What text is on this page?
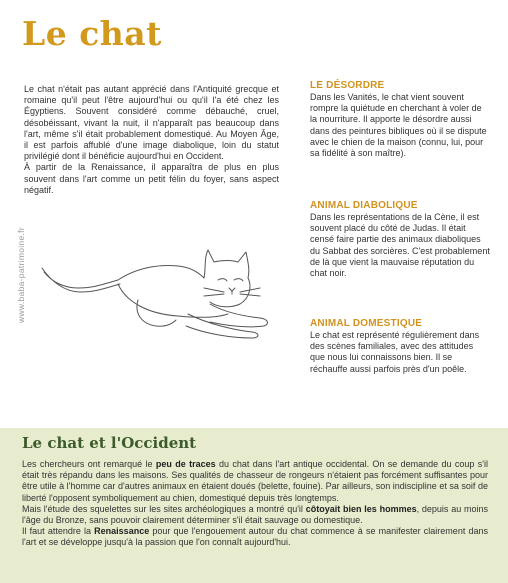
Le chat
www.baba-patrimoine.fr

Le chat n'était pas autant apprécié dans l'Antiquité grecque et romaine qu'il peut l'être aujourd'hui ou qu'il l'a été chez les Égyptiens. Souvent considéré comme débauché, cruel, désobéissant, vivant la nuit, il n'apparaît pas beaucoup dans l'art, même s'il était probablement domestiqué. Au Moyen Âge, il est parfois affublé d'une image diabolique, loin du statut privilégié dont il bénéficie aujourd'hui en Occident.

À partir de la Renaissance, il apparaîtra de plus en plus souvent dans l'art comme un petit félin du foyer, sans aspect négatif.

LE DÉSORDRE
Dans les Vanités, le chat vient souvent rompre la quiétude en cherchant à voler de la nourriture. Il apporte le désordre aussi dans des peintures bibliques où il se dispute avec le chien de la maison (connu, lui, pour sa fidélité à son maître).
ANIMAL DIABOLIQUE
Dans les représentations de la Cène, il est souvent placé du côté de Judas. Il était censé faire partie des animaux diaboliques du Sabbat des sorcières. C'est probablement de là que vient la mauvaise réputation du chat noir.
ANIMAL DOMESTIQUE
Le chat est représenté régulièrement dans des scènes familiales, avec des attitudes que nous lui connaissons bien. Il se réchauffe aussi parfois près d'un poêle.
Le chat et l'Occident

Les chercheurs ont remarqué le peu de traces du chat dans l'art antique occidental. On se demande du coup s'il était très répandu dans les maisons. Ses qualités de chasseur de rongeurs n'étaient pas forcément suffisantes pour être utile à l'homme car d'autres animaux en étaient doués (belette, fouine). Par ailleurs, son indiscipline et sa soif de liberté l'opposent symboliquement au chien, domestiqué depuis très longtemps.

Mais l'étude des squelettes sur les sites archéologiques a montré qu'il côtoyait bien les hommes, depuis au moins l'âge du Bronze, sans pouvoir clairement déterminer s'il était sauvage ou domestique.

Il faut attendre la Renaissance pour que l'engouement autour du chat commence à se manifester clairement dans l'art et se développe jusqu'à la passion que l'on connaît aujourd'hui.
